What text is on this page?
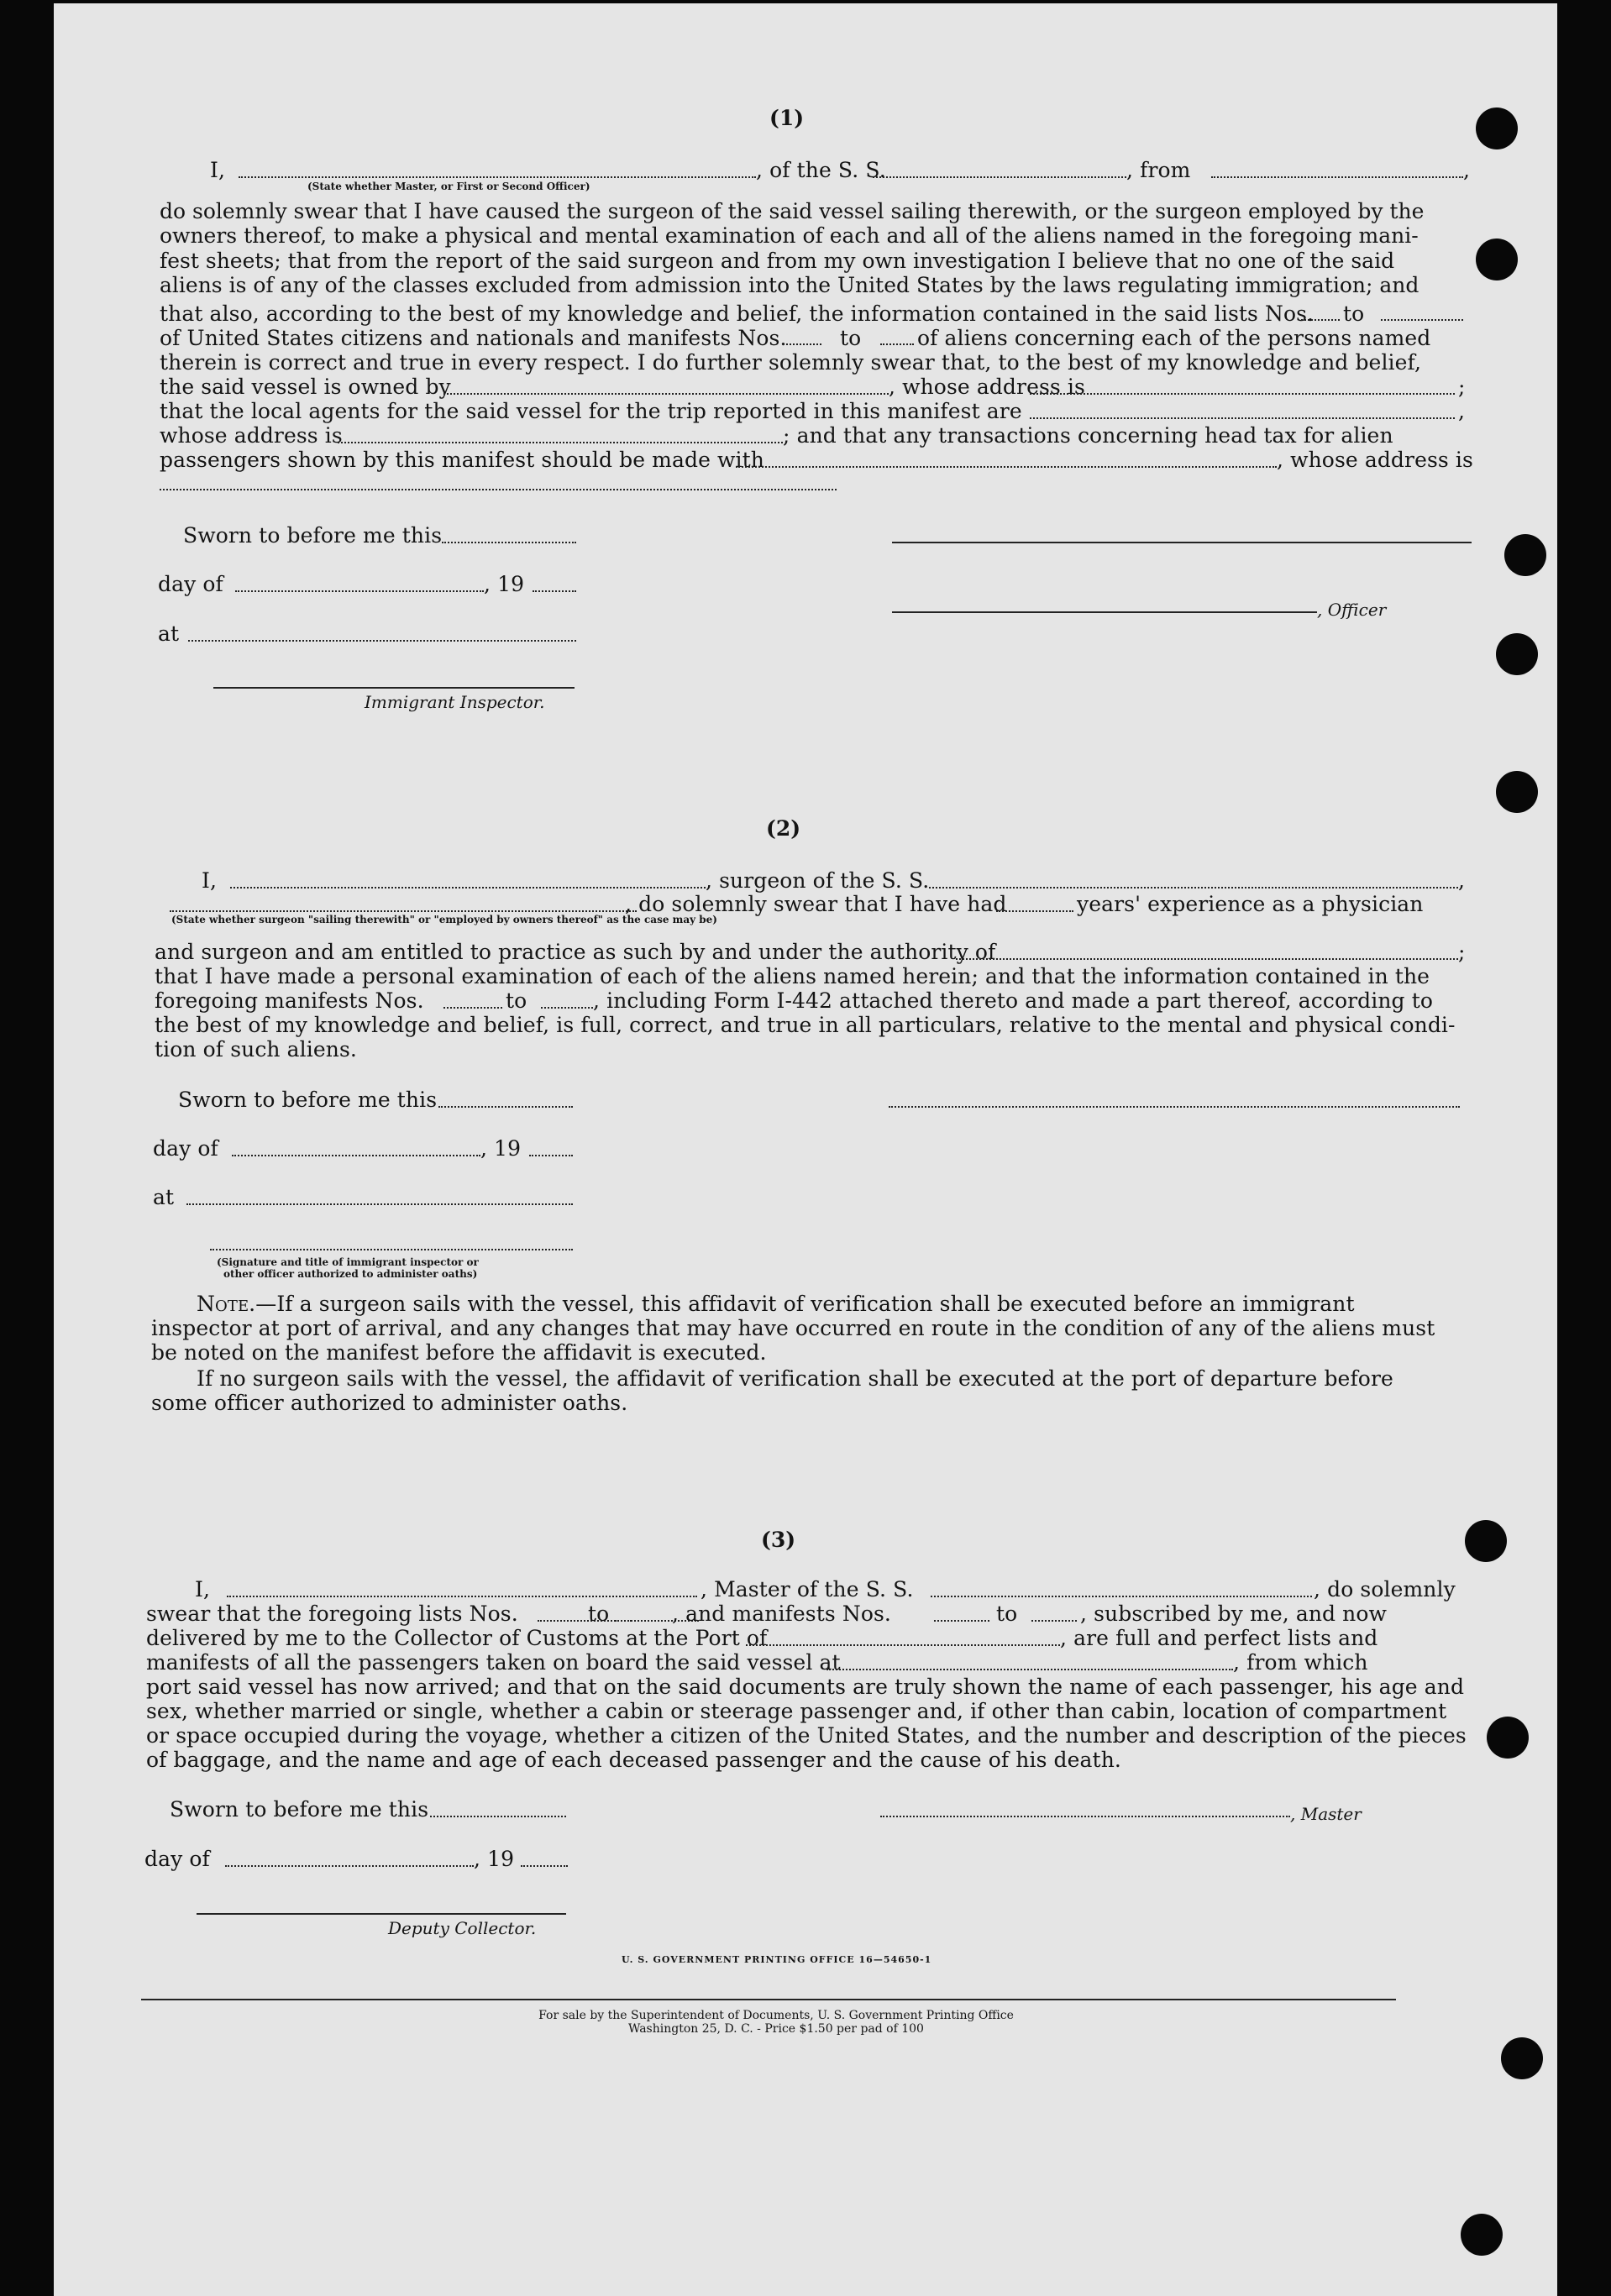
(1)
I,	, of the S. S.	, from	,
(State whether Master, or First or Second Officer)
do solemnly swear that I have caused the surgeon of the said vessel sailing therewith, or the surgeon employed by the
owners thereof, to make a physical and mental examination of each and all of the aliens named in the foregoing mani-
fest sheets; that from the report of the said surgeon and from my own investigation I believe that no one of the said
aliens is of any of the classes excluded from admission into the United States by the laws regulating immigration; and
that also, according to the best of my knowledge and belief, the information contained in the said lists Nos. to
of United States citizens and nationals and manifests Nos.	to	of aliens concerning each of the persons named
therein is correct and true in every respect. I do further solemnly swear that, to the best of my knowledge and belief,
the said vessel is owned by	, whose address is	;
that the local agents for the said vessel for the trip reported in this manifest are	,
whose address is	; and that any transactions concerning head tax for alien
passengers shown by this manifest should be made with	, whose address is
Sworn to before me this
day of	, 19
, Officer
at
Immigrant Inspector.
(2)
I,	, surgeon of the S. S.	,
, do solemnly swear that I have had	years' experience as a physician
(State whether surgeon "sailing therewith" or "employed by owners thereof" as the case may be)
and surgeon and am entitled to practice as such by and under the authority of	;
that I have made a personal examination of each of the aliens named herein; and that the information contained in the
foregoing manifests Nos.	to	, including Form I-442 attached thereto and made a part thereof, according to
the best of my knowledge and belief, is full, correct, and true in all particulars, relative to the mental and physical condi-
tion of such aliens.
Sworn to before me this
day of	, 19
at
(Signature and title of immigrant inspector or
other officer authorized to administer oaths)
Note.—If a surgeon sails with the vessel, this affidavit of verification shall be executed before an immigrant
inspector at port of arrival, and any changes that may have occurred en route in the condition of any of the aliens must
be noted on the manifest before the affidavit is executed.
If no surgeon sails with the vessel, the affidavit of verification shall be executed at the port of departure before
some officer authorized to administer oaths.
(3)
I,	, Master of the S. S.	, do solemnly
swear that the foregoing lists Nos.	to	, and manifests Nos.	to	, subscribed by me, and now
delivered by me to the Collector of Customs at the Port of	, are full and perfect lists and
manifests of all the passengers taken on board the said vessel at	, from which
port said vessel has now arrived; and that on the said documents are truly shown the name of each passenger, his age and
sex, whether married or single, whether a cabin or steerage passenger and, if other than cabin, location of compartment
or space occupied during the voyage, whether a citizen of the United States, and the number and description of the pieces
of baggage, and the name and age of each deceased passenger and the cause of his death.
Sworn to before me this	, Master
day of	, 19
Deputy Collector.
U. S. GOVERNMENT PRINTING OFFICE 16—54650-1
For sale by the Superintendent of Documents, U. S. Government Printing Office
Washington 25, D. C. - Price $1.50 per pad of 100
